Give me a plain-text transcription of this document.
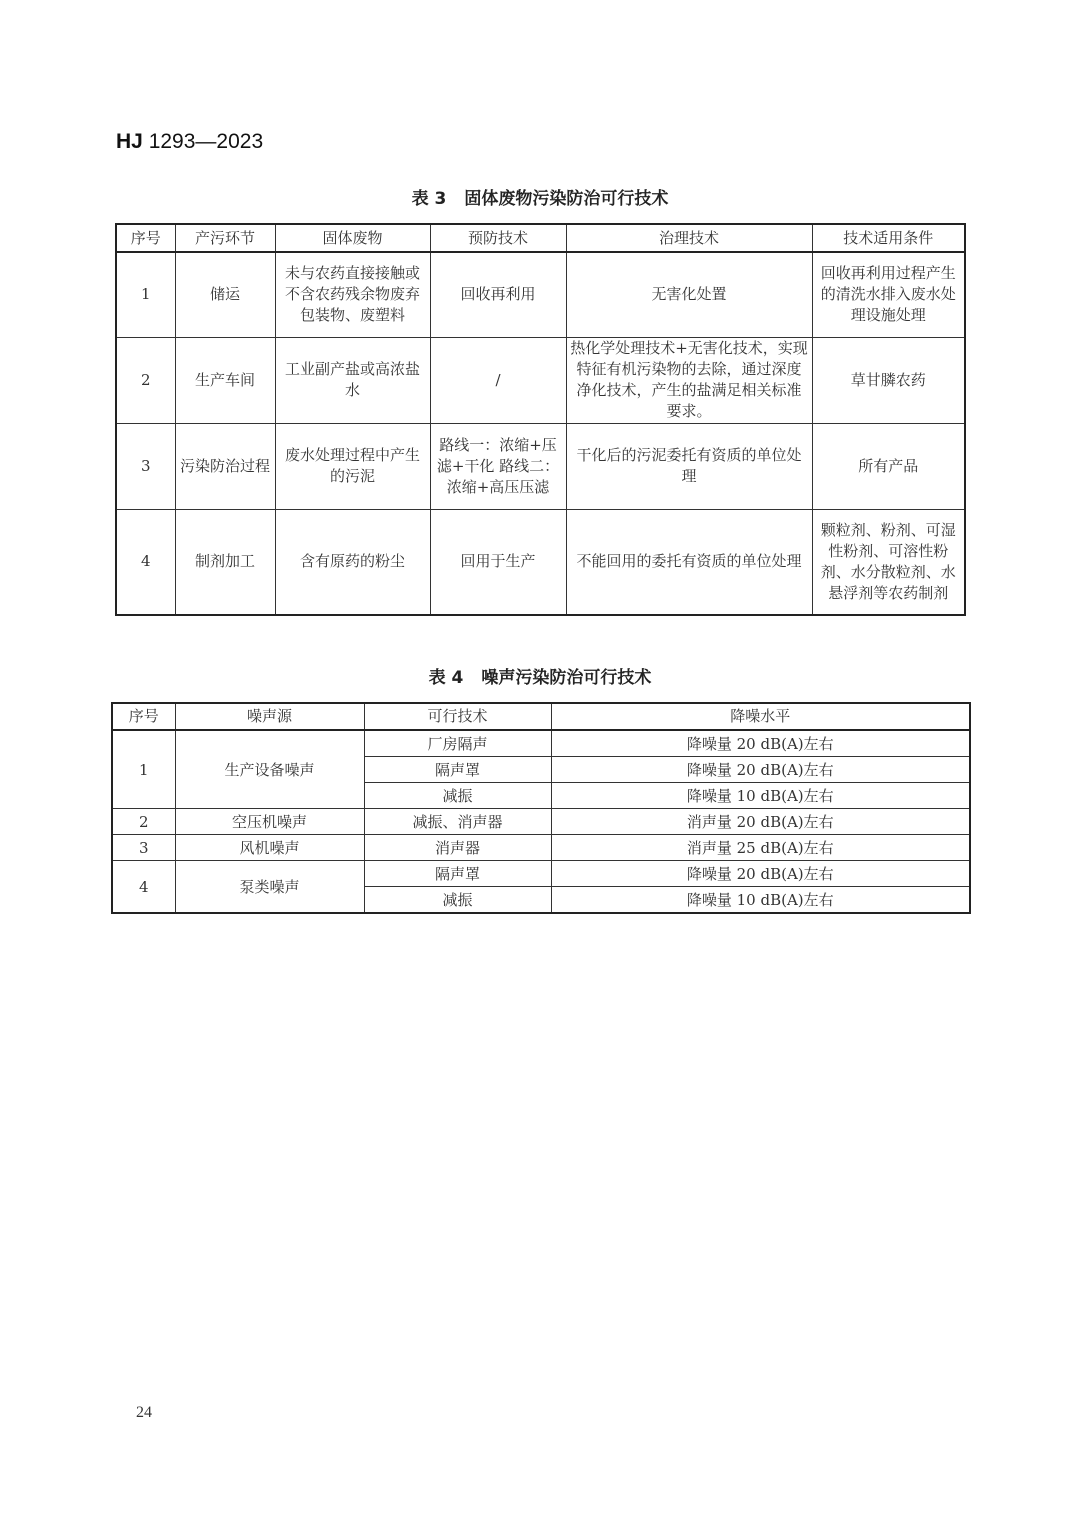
HJ 1293—2023
表 3 固体废物污染防治可行技术
序号	产污环节	固体废物	预防技术	治理技术	技术适用条件
1	储运	未与农药直接接触或不含农药残余物废弃包装物、废塑料	回收再利用	无害化处置	回收再利用过程产生的清洗水排入废水处理设施处理
2	生产车间	工业副产盐或高浓盐水	/	热化学处理技术+无害化技术，实现特征有机污染物的去除，通过深度净化技术，产生的盐满足相关标准要求。	草甘膦农药
3	污染防治过程	废水处理过程中产生的污泥	路线一：浓缩+压滤+干化 路线二：浓缩+高压压滤	干化后的污泥委托有资质的单位处理	所有产品
4	制剂加工	含有原药的粉尘	回用于生产	不能回用的委托有资质的单位处理	颗粒剂、粉剂、可湿性粉剂、可溶性粉剂、水分散粒剂、水悬浮剂等农药制剂
表 4 噪声污染防治可行技术
序号	噪声源	可行技术	降噪水平
1	生产设备噪声	厂房隔声	降噪量 20 dB(A)左右
		隔声罩	降噪量 20 dB(A)左右
		减振	降噪量 10 dB(A)左右
2	空压机噪声	减振、消声器	消声量 20 dB(A)左右
3	风机噪声	消声器	消声量 25 dB(A)左右
4	泵类噪声	隔声罩	降噪量 20 dB(A)左右
		减振	降噪量 10 dB(A)左右
24
